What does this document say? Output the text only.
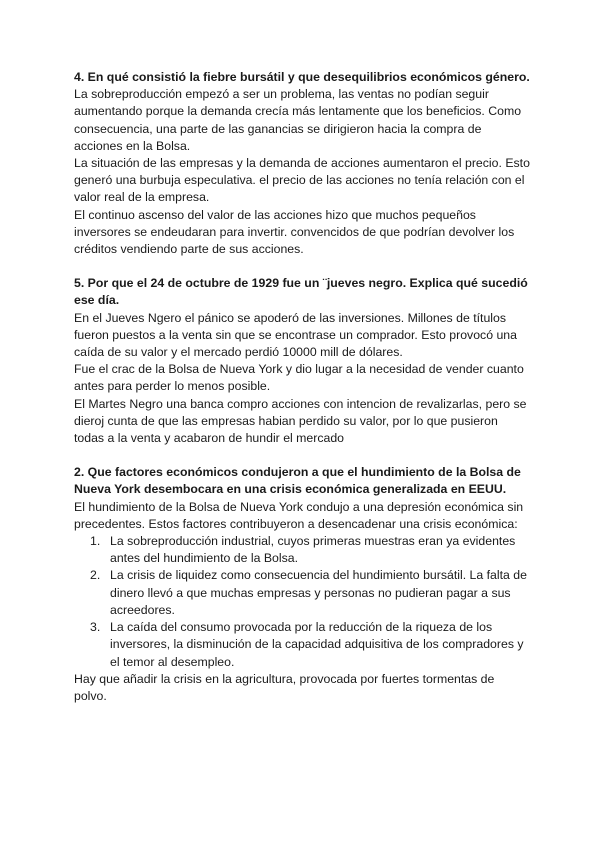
4. En qué consistió la fiebre bursátil y que desequilibrios económicos género.

La sobreproducción empezó a ser un problema, las ventas no podían seguir aumentando porque la demanda crecía más lentamente que los beneficios. Como consecuencia, una parte de las ganancias se dirigieron hacia la compra de acciones en la Bolsa.

La situación de las empresas y la demanda de acciones aumentaron el precio. Esto generó una burbuja especulativa. el precio de las acciones no tenía relación con el valor real de la empresa.

El continuo ascenso del valor de las acciones hizo que muchos pequeños inversores se endeudaran para invertir. convencidos de que podrían devolver los créditos vendiendo parte de sus acciones.

5. Por que el 24 de octubre de 1929 fue un ¨jueves negro. Explica qué sucedió ese día.

En el Jueves Ngero el pánico se apoderó de las inversiones. Millones de títulos fueron puestos a la venta sin que se encontrase un comprador. Esto provocó una caída de su valor y el mercado perdió 10000 mill de dólares.

Fue el crac de la Bolsa de Nueva York y dio lugar a la necesidad de vender cuanto antes para perder lo menos posible.

El Martes Negro una banca compro acciones con intencion de revalizarlas, pero se dieroj cunta de que las empresas habian perdido su valor, por lo que pusieron todas a la venta y acabaron de hundir el mercado

2. Que factores económicos condujeron a que el hundimiento de la Bolsa de Nueva York desembocara en una crisis económica generalizada en EEUU.

El hundimiento de la Bolsa de Nueva York condujo a una depresión económica sin precedentes. Estos factores contribuyeron a desencadenar una crisis económica:

1. La sobreproducción industrial, cuyos primeras muestras eran ya evidentes antes del hundimiento de la Bolsa.
2. La crisis de liquidez como consecuencia del hundimiento bursátil. La falta de dinero llevó a que muchas empresas y personas no pudieran pagar a sus acreedores.
3. La caída del consumo provocada por la reducción de la riqueza de los inversores, la disminución de la capacidad adquisitiva de los compradores y el temor al desempleo.

Hay que añadir la crisis en la agricultura, provocada por fuertes tormentas de polvo.
